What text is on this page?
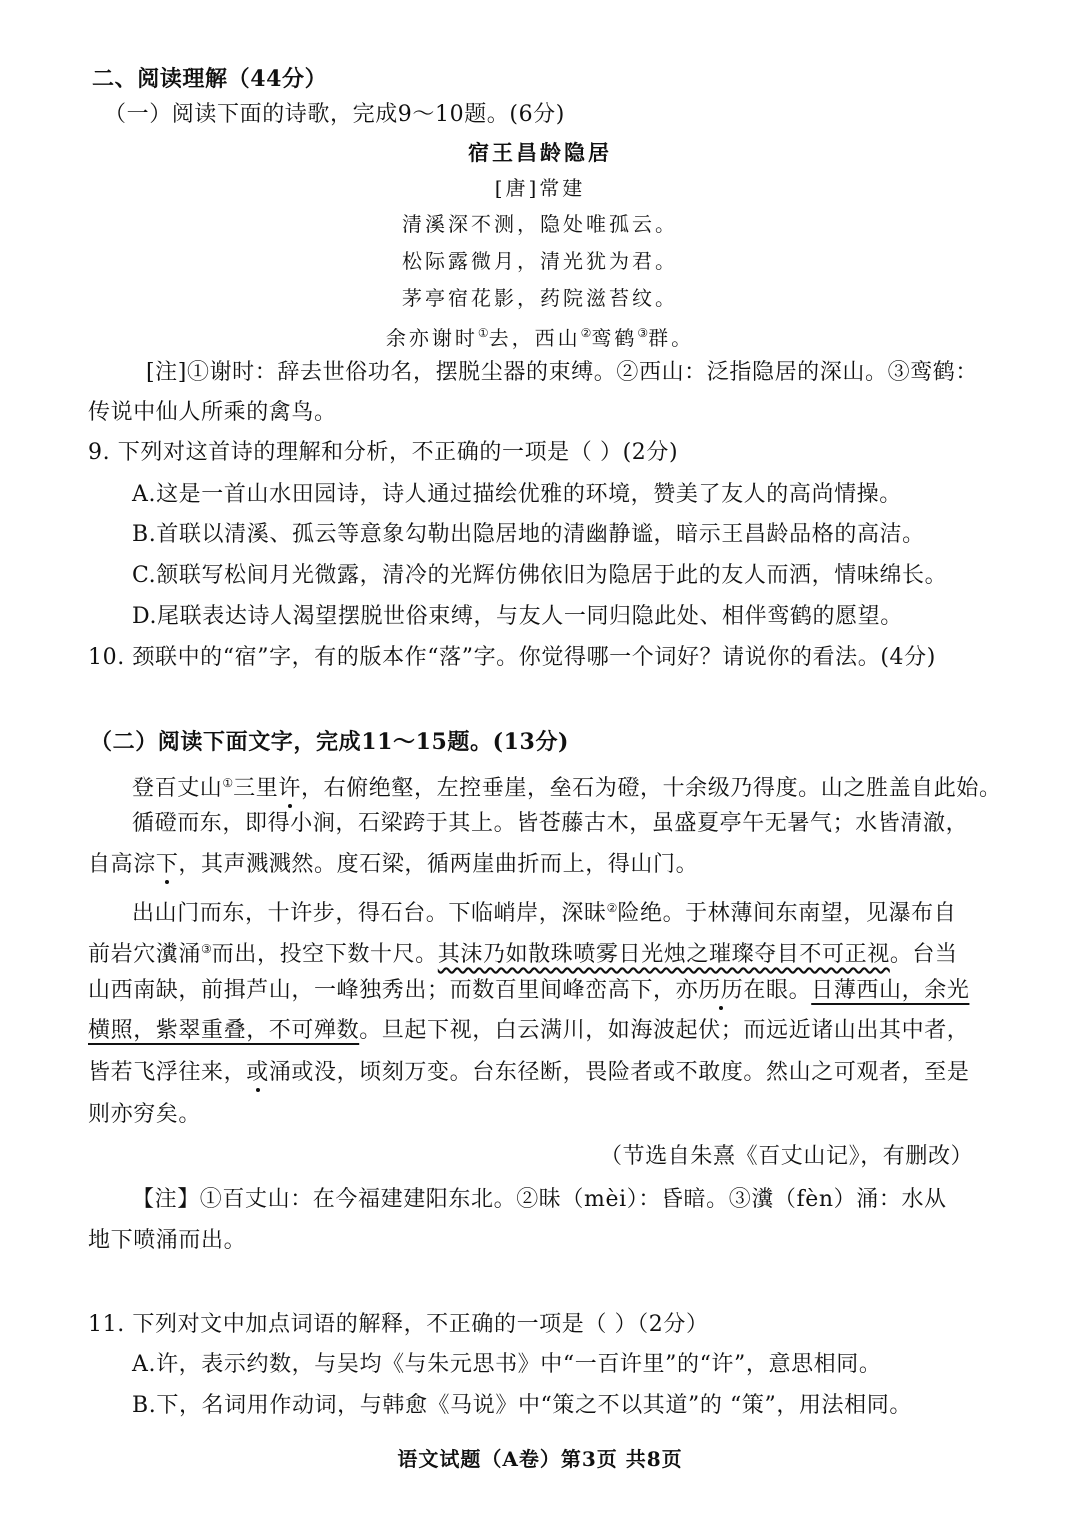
二、阅读理解（44分）
（一）阅读下面的诗歌，完成9～10题。(6分)
宿王昌龄隐居
[唐]常建
清溪深不测，隐处唯孤云。
松际露微月，清光犹为君。
茅亭宿花影，药院滋苔纹。
余亦谢时①去，西山②鸾鹤③群。
[注]①谢时：辞去世俗功名，摆脱尘器的束缚。②西山：泛指隐居的深山。③鸾鹤：
传说中仙人所乘的禽鸟。
9. 下列对这首诗的理解和分析，不正确的一项是（ ）(2分)
A.这是一首山水田园诗，诗人通过描绘优雅的环境，赞美了友人的高尚情操。
B.首联以清溪、孤云等意象勾勒出隐居地的清幽静谧，暗示王昌龄品格的高洁。
C.颔联写松间月光微露，清冷的光辉仿佛依旧为隐居于此的友人而洒，情味绵长。
D.尾联表达诗人渴望摆脱世俗束缚，与友人一同归隐此处、相伴鸾鹤的愿望。
10. 颈联中的“宿”字，有的版本作“落”字。你觉得哪一个词好？请说你的看法。(4分)
（二）阅读下面文字，完成11～15题。(13分)
登百丈山①三里许，右俯绝壑，左控垂崖，垒石为磴，十余级乃得度。山之胜盖自此始。
循磴而东，即得小涧，石梁跨于其上。皆苍藤古木，虽盛夏亭午无暑气；水皆清澈，
自高淙下，其声溅溅然。度石梁，循两崖曲折而上，得山门。
出山门而东，十许步，得石台。下临峭岸，深昧②险绝。于林薄间东南望，见瀑布自
前岩穴瀵涌③而出，投空下数十尺。其沫乃如散珠喷雾日光烛之璀璨夺目不可正视。台当
山西南缺，前揖芦山，一峰独秀出；而数百里间峰峦高下，亦历历在眼。日薄西山，余光
横照，紫翠重叠，不可殚数。旦起下视，白云满川，如海波起伏；而远近诸山出其中者，
皆若飞浮往来，或涌或没，顷刻万变。台东径断，畏险者或不敢度。然山之可观者，至是
则亦穷矣。
（节选自朱熹《百丈山记》，有删改）
【注】①百丈山：在今福建建阳东北。②昧（mèi）：昏暗。③瀵（fèn）涌：水从
地下喷涌而出。
11. 下列对文中加点词语的解释，不正确的一项是（ ）（2分）
A.许，表示约数，与吴均《与朱元思书》中“一百许里”的“许”，意思相同。
B.下，名词用作动词，与韩愈《马说》中“策之不以其道”的 “策”，用法相同。
语文试题（A卷）第3页 共8页
